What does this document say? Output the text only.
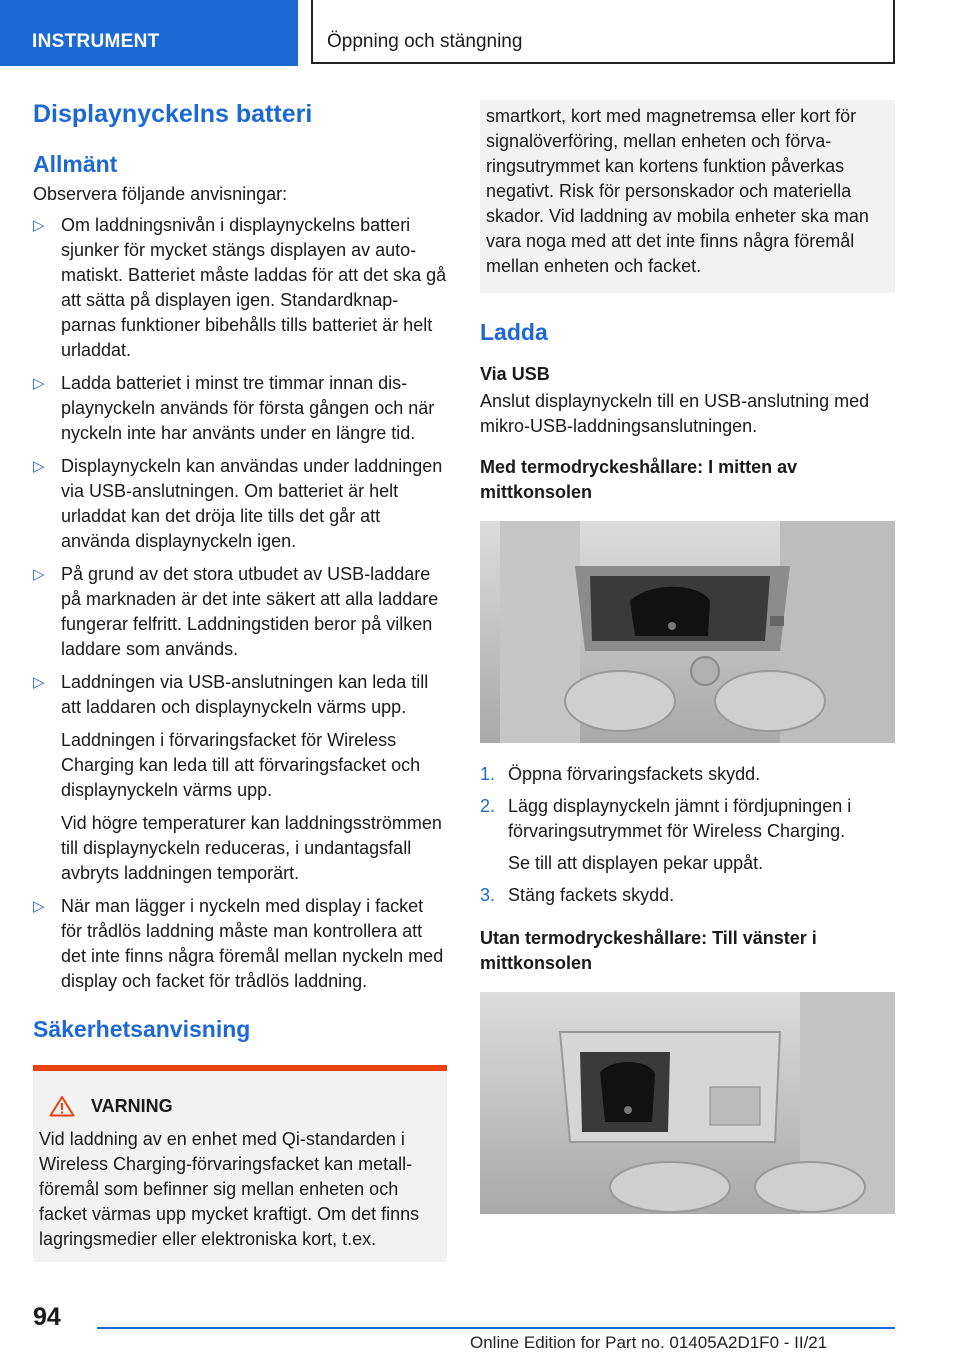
INSTRUMENT	Öppning och stängning
Displaynyckelns batteri
Allmänt

Observera följande anvisningar:

▷ Om laddningsnivån i displaynyckelns batteri sjunker för mycket stängs displayen av automatiskt. Batteriet måste laddas för att det ska gå att sätta på displayen igen. Standardknapparnas funktioner bibehålls tills batteriet är helt urladdat.
▷ Ladda batteriet i minst tre timmar innan displaynyckeln används för första gången och när nyckeln inte har använts under en längre tid.
▷ Displaynyckeln kan användas under laddningen via USB-anslutningen. Om batteriet är helt urladdat kan det dröja lite tills det går att använda displaynyckeln igen.
▷ På grund av det stora utbudet av USB-laddare på marknaden är det inte säkert att alla laddare fungerar felfritt. Laddningstiden beror på vilken laddare som används.
▷ Laddningen via USB-anslutningen kan leda till att laddaren och displaynyckeln värms upp.

Laddningen i förvaringsfacket för Wireless Charging kan leda till att förvaringsfacket och displaynyckeln värms upp.

Vid högre temperaturer kan laddningsströmmen till displaynyckeln reduceras, i undantagsfall avbryts laddningen temporärt.

▷ När man lägger i nyckeln med display i facket för trådlös laddning måste man kontrollera att det inte finns några föremål mellan nyckeln med display och facket för trådlös laddning.
Säkerhetsanvisning
VARNING

Vid laddning av en enhet med Qi-standarden i Wireless Charging-förvaringsfacket kan metallföremål som befinner sig mellan enheten och facket värmas upp mycket kraftigt. Om det finns lagringsmedier eller elektroniska kort, t.ex.

smartkort, kort med magnetremsa eller kort för signalöverföring, mellan enheten och förvaringsutrymmet kan kortens funktion påverkas negativt. Risk för personskador och materiella skador. Vid laddning av mobila enheter ska man vara noga med att det inte finns några föremål mellan enheten och facket.

Ladda
Via USB

Anslut displaynyckeln till en USB-anslutning med mikro-USB-laddningsanslutningen.

Med termodryckeshållare: I mitten av mittkonsolen
1. Öppna förvaringsfackets skydd.
2. Lägg displaynyckeln jämnt i fördjupningen i förvaringsutrymmet för Wireless Charging.

Se till att displayen pekar uppåt.

3. Stäng fackets skydd.
Utan termodryckeshållare: Till vänster i mittkonsolen
94
Online Edition for Part no. 01405A2D1F0 - II/21
